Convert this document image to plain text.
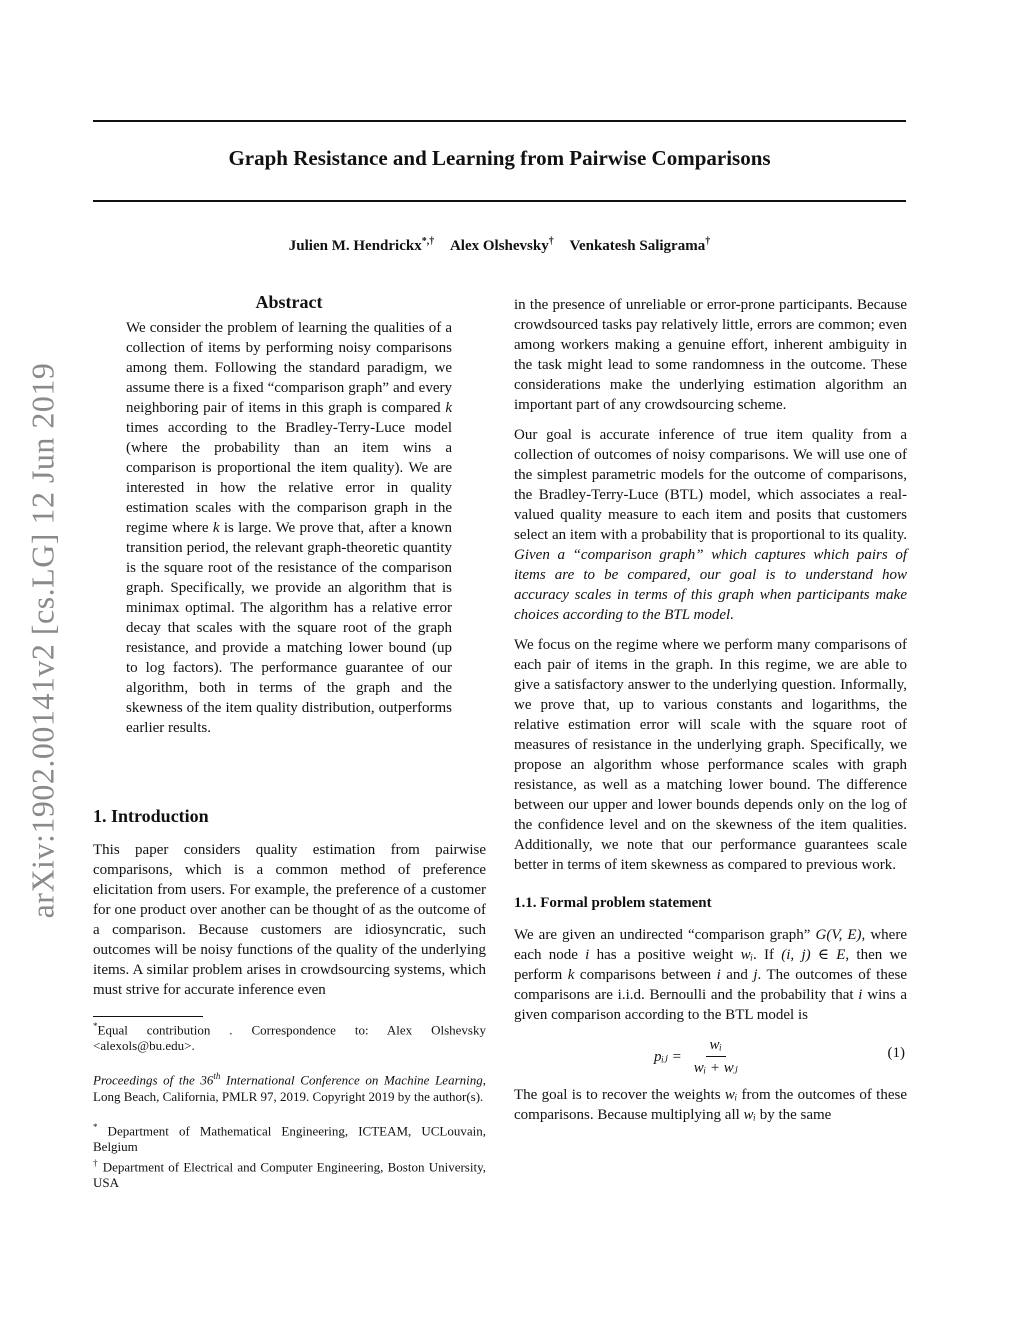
arXiv:1902.00141v2 [cs.LG] 12 Jun 2019
Graph Resistance and Learning from Pairwise Comparisons
Julien M. Hendrickx*,† Alex Olshevsky† Venkatesh Saligrama†
Abstract

We consider the problem of learning the qualities of a collection of items by performing noisy comparisons among them. Following the standard paradigm, we assume there is a fixed “comparison graph” and every neighboring pair of items in this graph is compared k times according to the Bradley-Terry-Luce model (where the probability than an item wins a comparison is proportional the item quality). We are interested in how the relative error in quality estimation scales with the comparison graph in the regime where k is large. We prove that, after a known transition period, the relevant graph-theoretic quantity is the square root of the resistance of the comparison graph. Specifically, we provide an algorithm that is minimax optimal. The algorithm has a relative error decay that scales with the square root of the graph resistance, and provide a matching lower bound (up to log factors). The performance guarantee of our algorithm, both in terms of the graph and the skewness of the item quality distribution, outperforms earlier results.

1. Introduction

This paper considers quality estimation from pairwise comparisons, which is a common method of preference elicitation from users. For example, the preference of a customer for one product over another can be thought of as the outcome of a comparison. Because customers are idiosyncratic, such outcomes will be noisy functions of the quality of the underlying items. A similar problem arises in crowdsourcing systems, which must strive for accurate inference even

*Equal contribution . Correspondence to: Alex Olshevsky <alexols@bu.edu>.

Proceedings of the 36th International Conference on Machine Learning, Long Beach, California, PMLR 97, 2019. Copyright 2019 by the author(s).

* Department of Mathematical Engineering, ICTEAM, UCLouvain, Belgium

† Department of Electrical and Computer Engineering, Boston University, USA

in the presence of unreliable or error-prone participants. Because crowdsourced tasks pay relatively little, errors are common; even among workers making a genuine effort, inherent ambiguity in the task might lead to some randomness in the outcome. These considerations make the underlying estimation algorithm an important part of any crowdsourcing scheme.

Our goal is accurate inference of true item quality from a collection of outcomes of noisy comparisons. We will use one of the simplest parametric models for the outcome of comparisons, the Bradley-Terry-Luce (BTL) model, which associates a real-valued quality measure to each item and posits that customers select an item with a probability that is proportional to its quality. Given a “comparison graph” which captures which pairs of items are to be compared, our goal is to understand how accuracy scales in terms of this graph when participants make choices according to the BTL model.

We focus on the regime where we perform many comparisons of each pair of items in the graph. In this regime, we are able to give a satisfactory answer to the underlying question. Informally, we prove that, up to various constants and logarithms, the relative estimation error will scale with the square root of measures of resistance in the underlying graph. Specifically, we propose an algorithm whose performance scales with graph resistance, as well as a matching lower bound. The difference between our upper and lower bounds depends only on the log of the confidence level and on the skewness of the item qualities. Additionally, we note that our performance guarantees scale better in terms of item skewness as compared to previous work.

1.1. Formal problem statement

We are given an undirected “comparison graph” G(V, E), where each node i has a positive weight wᵢ. If (i, j) ∈ E, then we perform k comparisons between i and j. The outcomes of these comparisons are i.i.d. Bernoulli and the probability that i wins a given comparison according to the BTL model is

pᵢⱼ = $\frac{\text{wᵢ}}{\text{wᵢ + wⱼ}}$	(1)

The goal is to recover the weights wᵢ from the outcomes of these comparisons. Because multiplying all wᵢ by the same
